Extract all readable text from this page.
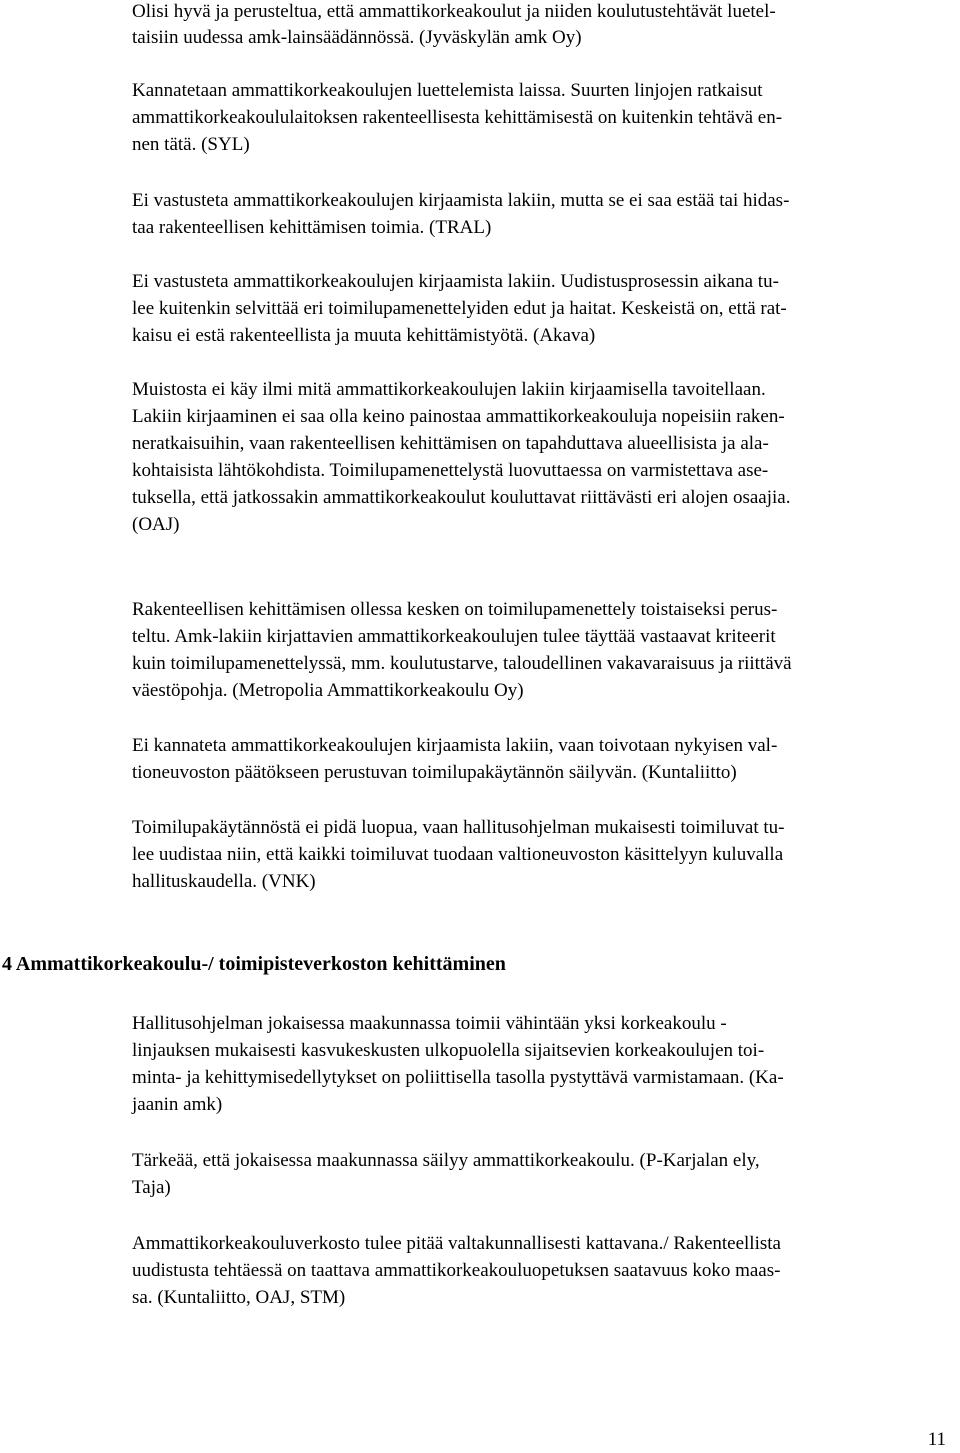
Olisi hyvä ja perusteltua, että ammattikorkeakoulut ja niiden koulutustehtävät luetel-

taisiin uudessa amk-lainsäädännössä. (Jyväskylän amk Oy)

Kannatetaan ammattikorkeakoulujen luettelemista laissa. Suurten linjojen ratkaisut

ammattikorkeakoululaitoksen rakenteellisesta kehittämisestä on kuitenkin tehtävä en-

nen tätä. (SYL)

Ei vastusteta ammattikorkeakoulujen kirjaamista lakiin, mutta se ei saa estää tai hidas-

taa rakenteellisen kehittämisen toimia. (TRAL)

Ei vastusteta ammattikorkeakoulujen kirjaamista lakiin. Uudistusprosessin aikana tu-

lee kuitenkin selvittää eri toimilupamenettelyiden edut ja haitat. Keskeistä on, että rat-

kaisu ei estä rakenteellista ja muuta kehittämistyötä. (Akava)

Muistosta ei käy ilmi mitä ammattikorkeakoulujen lakiin kirjaamisella tavoitellaan.

Lakiin kirjaaminen ei saa olla keino painostaa ammattikorkeakouluja nopeisiin raken-

neratkaisuihin, vaan rakenteellisen kehittämisen on tapahduttava alueellisista ja ala-

kohtaisista lähtökohdista. Toimilupamenettelystä luovuttaessa on varmistettava ase-

tuksella, että jatkossakin ammattikorkeakoulut kouluttavat riittävästi eri alojen osaajia.

(OAJ)

Rakenteellisen kehittämisen ollessa kesken on toimilupamenettely toistaiseksi perus-

teltu. Amk-lakiin kirjattavien ammattikorkeakoulujen tulee täyttää vastaavat kriteerit

kuin toimilupamenettelyssä, mm. koulutustarve, taloudellinen vakavaraisuus ja riittävä

väestöpohja. (Metropolia Ammattikorkeakoulu Oy)

Ei kannateta ammattikorkeakoulujen kirjaamista lakiin, vaan toivotaan nykyisen val-

tioneuvoston päätökseen perustuvan toimilupakäytännön säilyvän. (Kuntaliitto)

Toimilupakäytännöstä ei pidä luopua, vaan hallitusohjelman mukaisesti toimiluvat tu-

lee uudistaa niin, että kaikki toimiluvat tuodaan valtioneuvoston käsittelyyn kuluvalla

hallituskaudella. (VNK)

4 Ammattikorkeakoulu-/ toimipisteverkoston kehittäminen

Hallitusohjelman jokaisessa maakunnassa toimii vähintään yksi korkeakoulu -

linjauksen mukaisesti kasvukeskusten ulkopuolella sijaitsevien korkeakoulujen toi-

minta- ja kehittymisedellytykset on poliittisella tasolla pystyttävä varmistamaan. (Ka-

jaanin amk)

Tärkeää, että jokaisessa maakunnassa säilyy ammattikorkeakoulu. (P-Karjalan ely,

Taja)

Ammattikorkeakouluverkosto tulee pitää valtakunnallisesti kattavana./ Rakenteellista

uudistusta tehtäessä on taattava ammattikorkeakouluopetuksen saatavuus koko maas-

sa. (Kuntaliitto, OAJ, STM)

11
